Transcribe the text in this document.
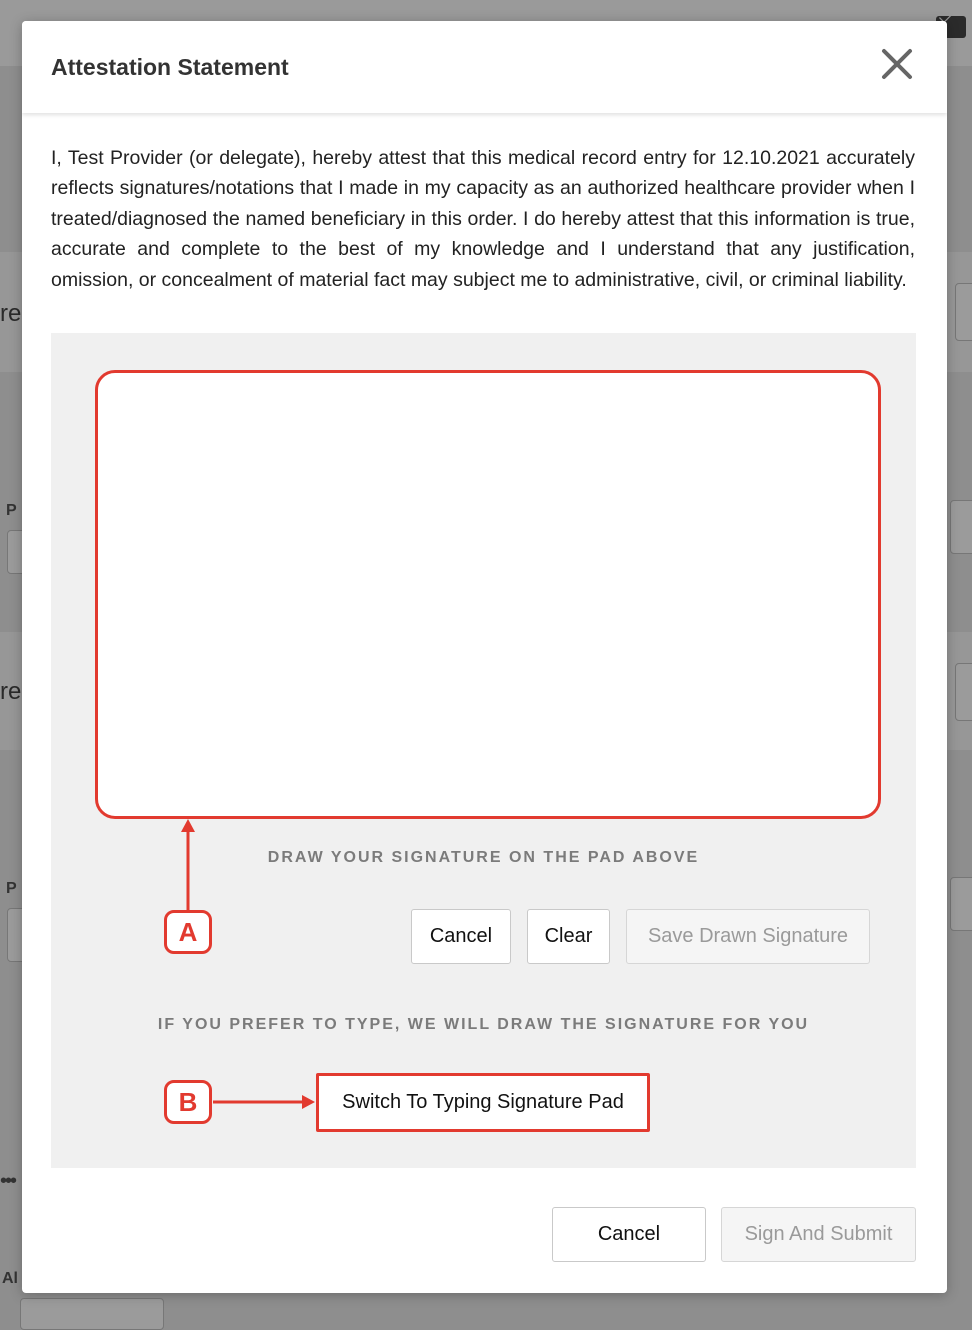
re
P
re
P
•••
Al
Attestation Statement
I, Test Provider (or delegate), hereby attest that this medical record entry for 12.10.2021 accurately reflects signatures/notations that I made in my capacity as an authorized healthcare provider when I treated/diagnosed the named beneficiary in this order. I do hereby attest that this information is true, accurate and complete to the best of my knowledge and I understand that any justification, omission, or concealment of material fact may subject me to administrative, civil, or criminal liability.
DRAW YOUR SIGNATURE ON THE PAD ABOVE
Cancel	Clear	Save Drawn Signature
IF YOU PREFER TO TYPE, WE WILL DRAW THE SIGNATURE FOR YOU
Switch To Typing Signature Pad
A
B
Cancel	Sign And Submit
